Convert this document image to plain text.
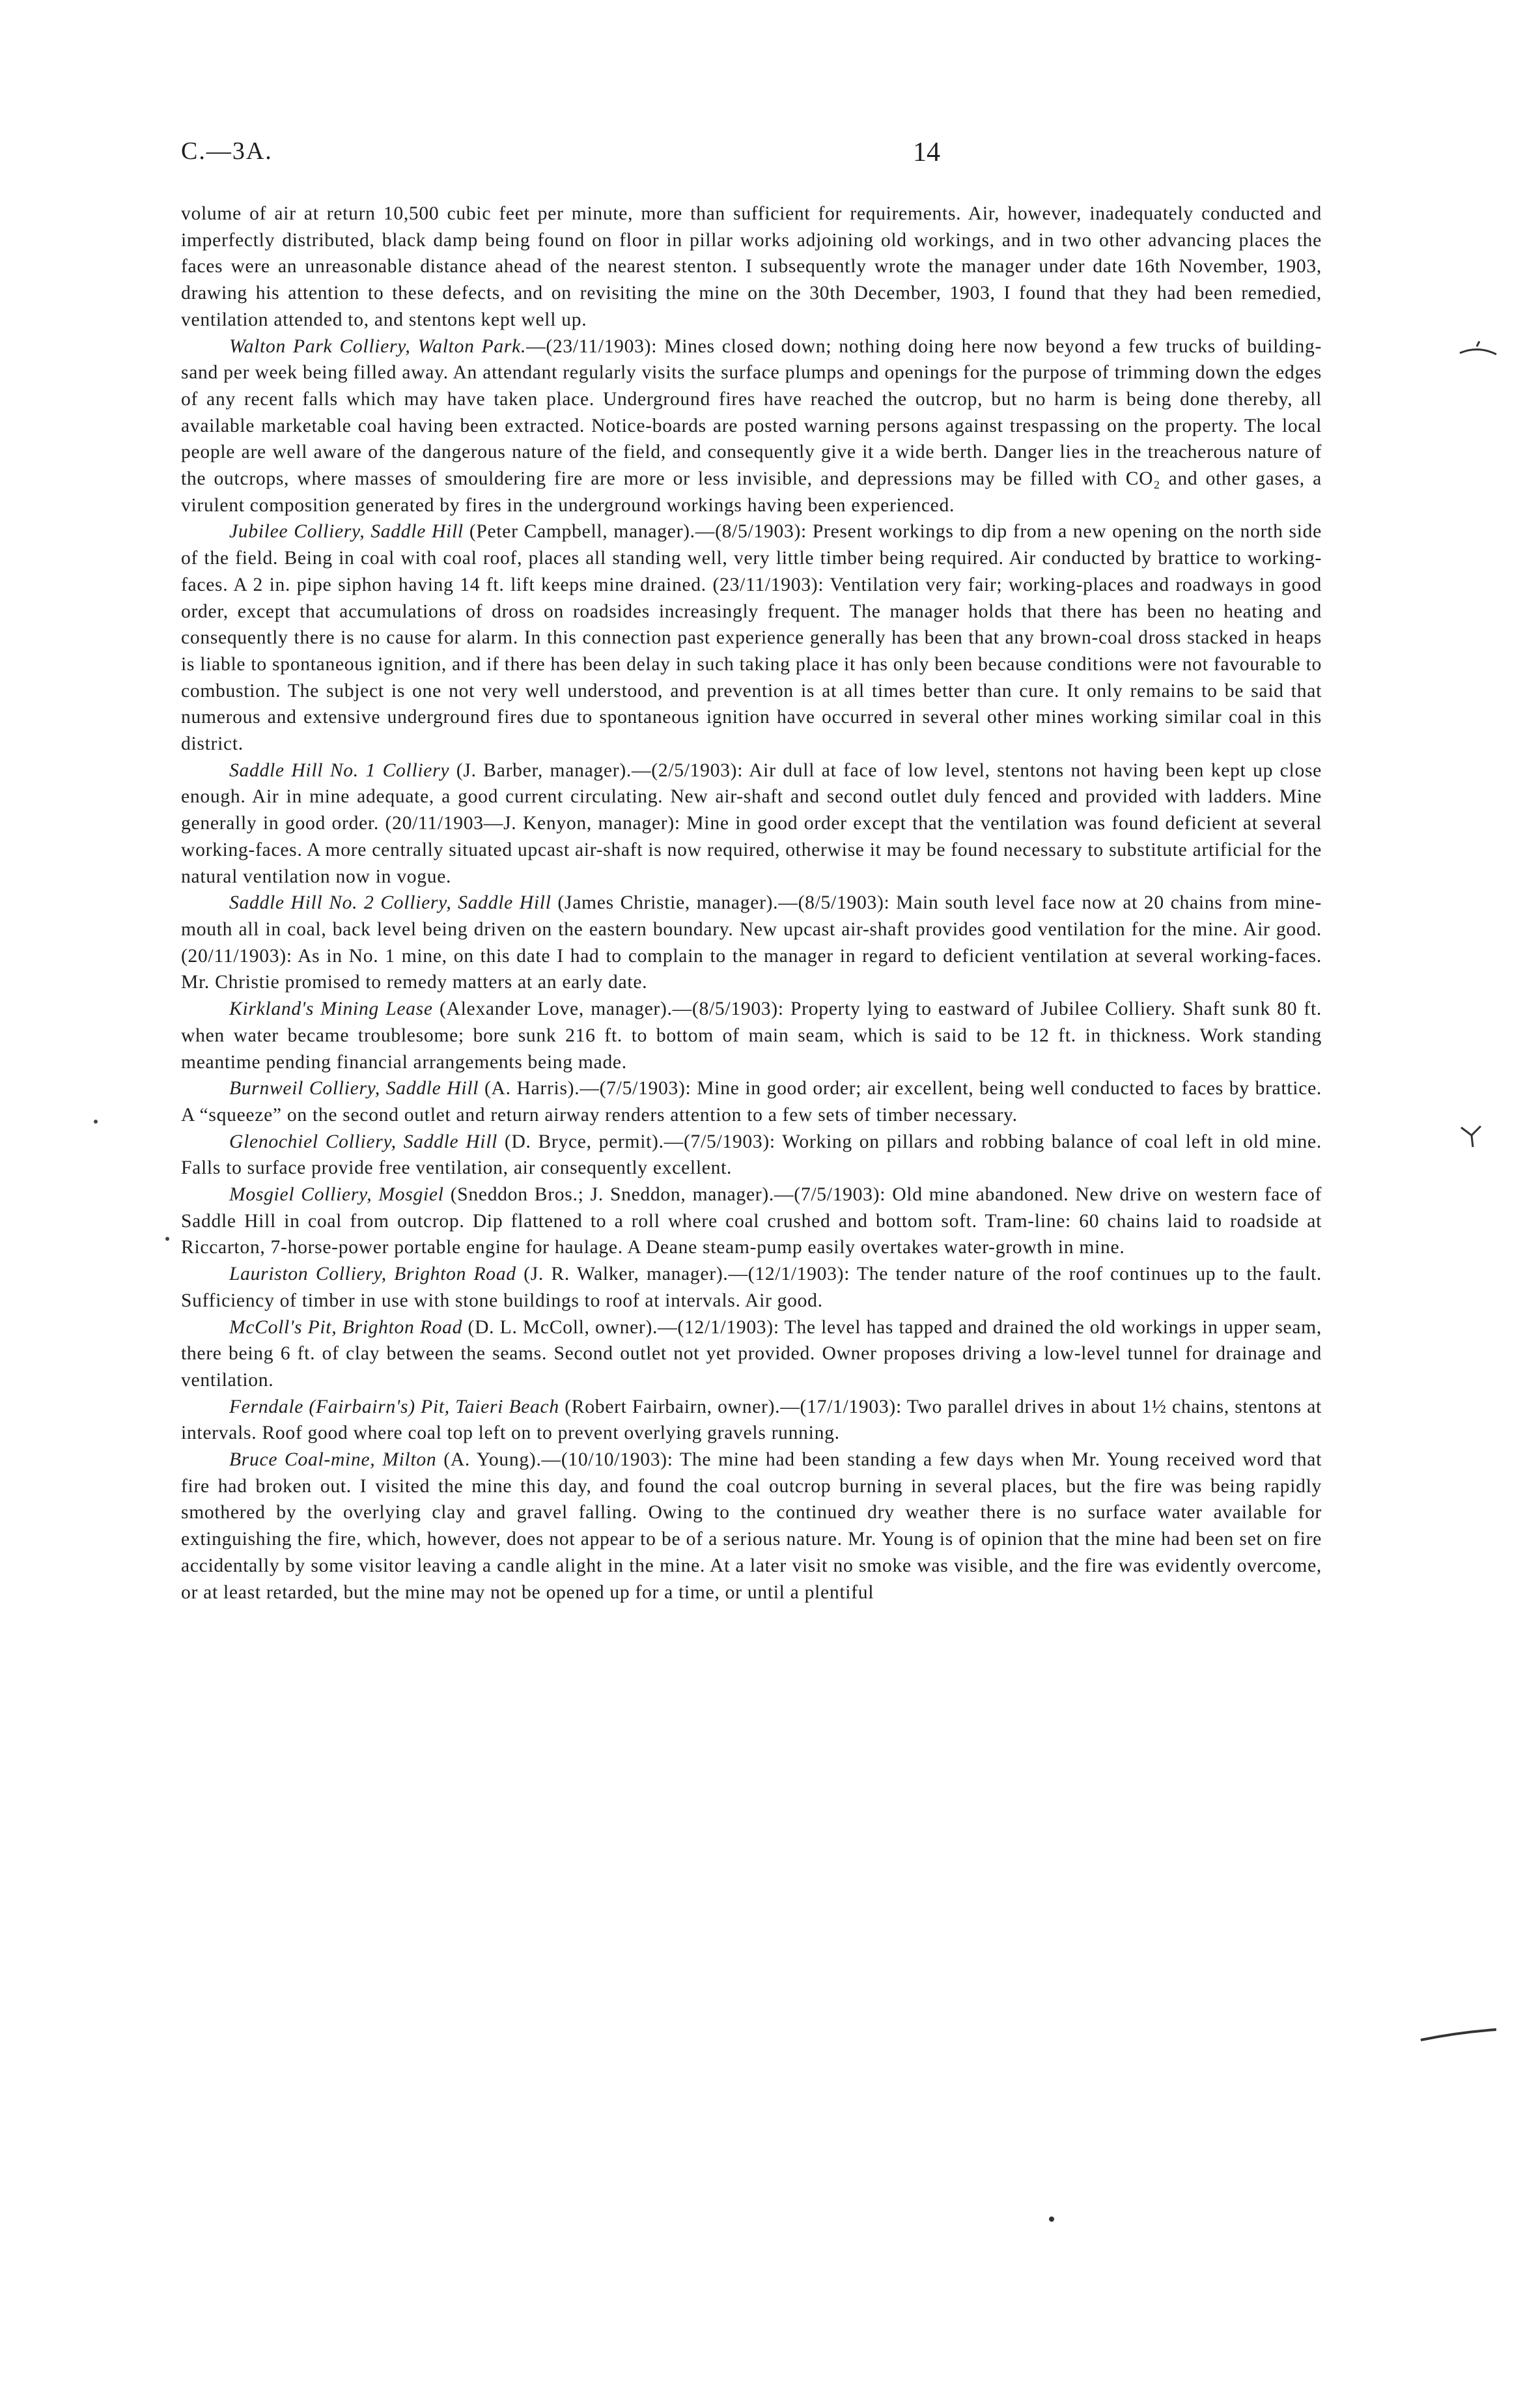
C.—3A.	14

volume of air at return 10,500 cubic feet per minute, more than sufficient for requirements. Air, however, inadequately conducted and imperfectly distributed, black damp being found on floor in pillar works adjoining old workings, and in two other advancing places the faces were an unreasonable distance ahead of the nearest stenton. I subsequently wrote the manager under date 16th November, 1903, drawing his attention to these defects, and on revisiting the mine on the 30th December, 1903, I found that they had been remedied, ventilation attended to, and stentons kept well up.

Walton Park Colliery, Walton Park.—(23/11/1903): Mines closed down; nothing doing here now beyond a few trucks of building-sand per week being filled away. An attendant regularly visits the surface plumps and openings for the purpose of trimming down the edges of any recent falls which may have taken place. Underground fires have reached the outcrop, but no harm is being done thereby, all available marketable coal having been extracted. Notice-boards are posted warning persons against trespassing on the property. The local people are well aware of the dangerous nature of the field, and consequently give it a wide berth. Danger lies in the treacherous nature of the outcrops, where masses of smouldering fire are more or less invisible, and depressions may be filled with CO₂ and other gases, a virulent composition generated by fires in the underground workings having been experienced.

Jubilee Colliery, Saddle Hill (Peter Campbell, manager).—(8/5/1903): Present workings to dip from a new opening on the north side of the field. Being in coal with coal roof, places all standing well, very little timber being required. Air conducted by brattice to working-faces. A 2 in. pipe siphon having 14 ft. lift keeps mine drained. (23/11/1903): Ventilation very fair; working-places and roadways in good order, except that accumulations of dross on roadsides increasingly frequent. The manager holds that there has been no heating and consequently there is no cause for alarm. In this connection past experience generally has been that any brown-coal dross stacked in heaps is liable to spontaneous ignition, and if there has been delay in such taking place it has only been because conditions were not favourable to combustion. The subject is one not very well understood, and prevention is at all times better than cure. It only remains to be said that numerous and extensive underground fires due to spontaneous ignition have occurred in several other mines working similar coal in this district.

Saddle Hill No. 1 Colliery (J. Barber, manager).—(2/5/1903): Air dull at face of low level, stentons not having been kept up close enough. Air in mine adequate, a good current circulating. New air-shaft and second outlet duly fenced and provided with ladders. Mine generally in good order. (20/11/1903—J. Kenyon, manager): Mine in good order except that the ventilation was found deficient at several working-faces. A more centrally situated upcast air-shaft is now required, otherwise it may be found necessary to substitute artificial for the natural ventilation now in vogue.

Saddle Hill No. 2 Colliery, Saddle Hill (James Christie, manager).—(8/5/1903): Main south level face now at 20 chains from mine-mouth all in coal, back level being driven on the eastern boundary. New upcast air-shaft provides good ventilation for the mine. Air good. (20/11/1903): As in No. 1 mine, on this date I had to complain to the manager in regard to deficient ventilation at several working-faces. Mr. Christie promised to remedy matters at an early date.

Kirkland's Mining Lease (Alexander Love, manager).—(8/5/1903): Property lying to eastward of Jubilee Colliery. Shaft sunk 80 ft. when water became troublesome; bore sunk 216 ft. to bottom of main seam, which is said to be 12 ft. in thickness. Work standing meantime pending financial arrangements being made.

Burnweil Colliery, Saddle Hill (A. Harris).—(7/5/1903): Mine in good order; air excellent, being well conducted to faces by brattice. A “squeeze” on the second outlet and return airway renders attention to a few sets of timber necessary.

Glenochiel Colliery, Saddle Hill (D. Bryce, permit).—(7/5/1903): Working on pillars and robbing balance of coal left in old mine. Falls to surface provide free ventilation, air consequently excellent.

Mosgiel Colliery, Mosgiel (Sneddon Bros.; J. Sneddon, manager).—(7/5/1903): Old mine abandoned. New drive on western face of Saddle Hill in coal from outcrop. Dip flattened to a roll where coal crushed and bottom soft. Tram-line: 60 chains laid to roadside at Riccarton, 7-horse-power portable engine for haulage. A Deane steam-pump easily overtakes water-growth in mine.

Lauriston Colliery, Brighton Road (J. R. Walker, manager).—(12/1/1903): The tender nature of the roof continues up to the fault. Sufficiency of timber in use with stone buildings to roof at intervals. Air good.

McColl's Pit, Brighton Road (D. L. McColl, owner).—(12/1/1903): The level has tapped and drained the old workings in upper seam, there being 6 ft. of clay between the seams. Second outlet not yet provided. Owner proposes driving a low-level tunnel for drainage and ventilation.

Ferndale (Fairbairn's) Pit, Taieri Beach (Robert Fairbairn, owner).—(17/1/1903): Two parallel drives in about 1½ chains, stentons at intervals. Roof good where coal top left on to prevent overlying gravels running.

Bruce Coal-mine, Milton (A. Young).—(10/10/1903): The mine had been standing a few days when Mr. Young received word that fire had broken out. I visited the mine this day, and found the coal outcrop burning in several places, but the fire was being rapidly smothered by the overlying clay and gravel falling. Owing to the continued dry weather there is no surface water available for extinguishing the fire, which, however, does not appear to be of a serious nature. Mr. Young is of opinion that the mine had been set on fire accidentally by some visitor leaving a candle alight in the mine. At a later visit no smoke was visible, and the fire was evidently overcome, or at least retarded, but the mine may not be opened up for a time, or until a plentiful
